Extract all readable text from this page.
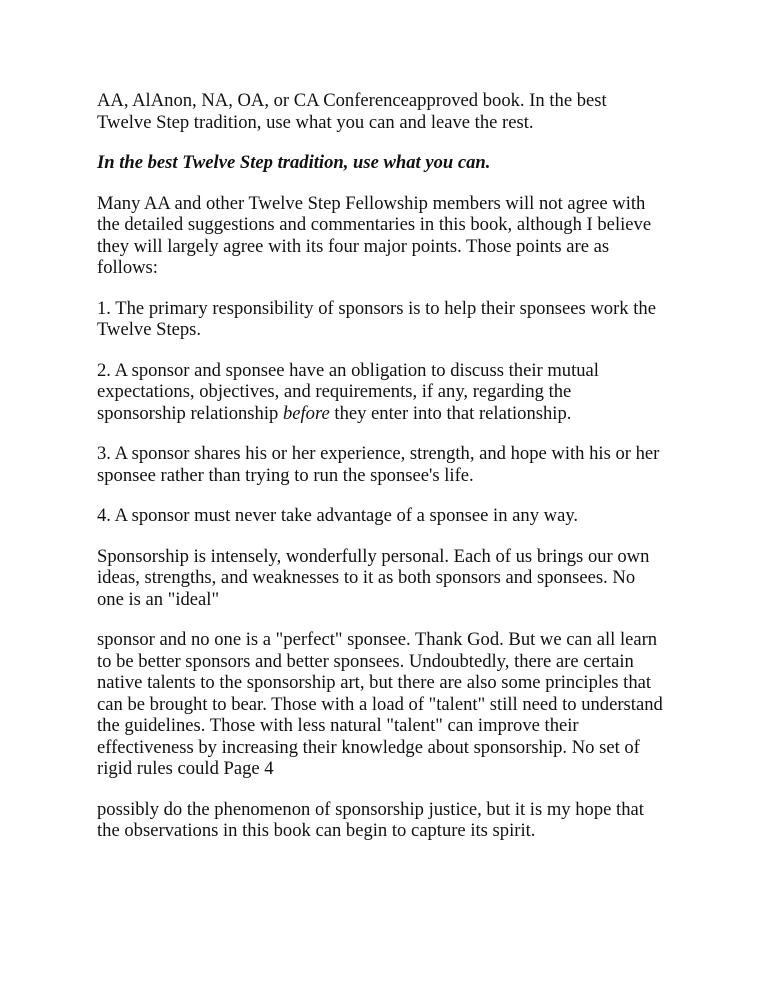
AA, AlAnon, NA, OA, or CA Conferenceapproved book. In the best
Twelve Step tradition, use what you can and leave the rest.

In the best Twelve Step tradition, use what you can.

Many AA and other Twelve Step Fellowship members will not agree with
the detailed suggestions and commentaries in this book, although I believe
they will largely agree with its four major points. Those points are as
follows:

1. The primary responsibility of sponsors is to help their sponsees work the
Twelve Steps.

2. A sponsor and sponsee have an obligation to discuss their mutual
expectations, objectives, and requirements, if any, regarding the
sponsorship relationship before they enter into that relationship.

3. A sponsor shares his or her experience, strength, and hope with his or her
sponsee rather than trying to run the sponsee's life.

4. A sponsor must never take advantage of a sponsee in any way.

Sponsorship is intensely, wonderfully personal. Each of us brings our own
ideas, strengths, and weaknesses to it as both sponsors and sponsees. No
one is an "ideal"

sponsor and no one is a "perfect" sponsee. Thank God. But we can all learn
to be better sponsors and better sponsees. Undoubtedly, there are certain
native talents to the sponsorship art, but there are also some principles that
can be brought to bear. Those with a load of "talent" still need to understand
the guidelines. Those with less natural "talent" can improve their
effectiveness by increasing their knowledge about sponsorship. No set of
rigid rules could Page 4

possibly do the phenomenon of sponsorship justice, but it is my hope that
the observations in this book can begin to capture its spirit.
